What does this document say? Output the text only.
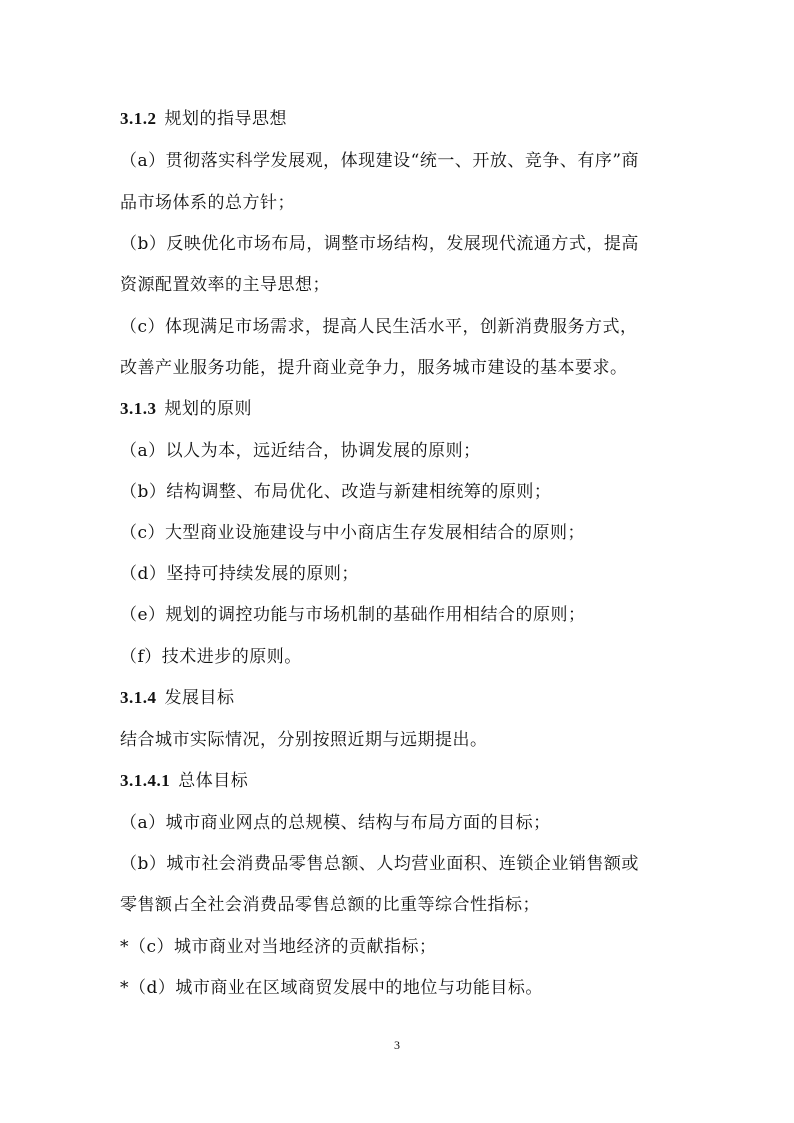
3.1.2 规划的指导思想
（a）贯彻落实科学发展观，体现建设“统一、开放、竞争、有序”商
品市场体系的总方针；
（b）反映优化市场布局，调整市场结构，发展现代流通方式，提高
资源配置效率的主导思想；
（c）体现满足市场需求，提高人民生活水平，创新消费服务方式，
改善产业服务功能，提升商业竞争力，服务城市建设的基本要求。
3.1.3 规划的原则
（a）以人为本，远近结合，协调发展的原则；
（b）结构调整、布局优化、改造与新建相统筹的原则；
（c）大型商业设施建设与中小商店生存发展相结合的原则；
（d）坚持可持续发展的原则；
（e）规划的调控功能与市场机制的基础作用相结合的原则；
（f）技术进步的原则。
3.1.4 发展目标
结合城市实际情况，分别按照近期与远期提出。
3.1.4.1 总体目标
（a）城市商业网点的总规模、结构与布局方面的目标；
（b）城市社会消费品零售总额、人均营业面积、连锁企业销售额或
零售额占全社会消费品零售总额的比重等综合性指标；
*（c）城市商业对当地经济的贡献指标；
*（d）城市商业在区域商贸发展中的地位与功能目标。
3
